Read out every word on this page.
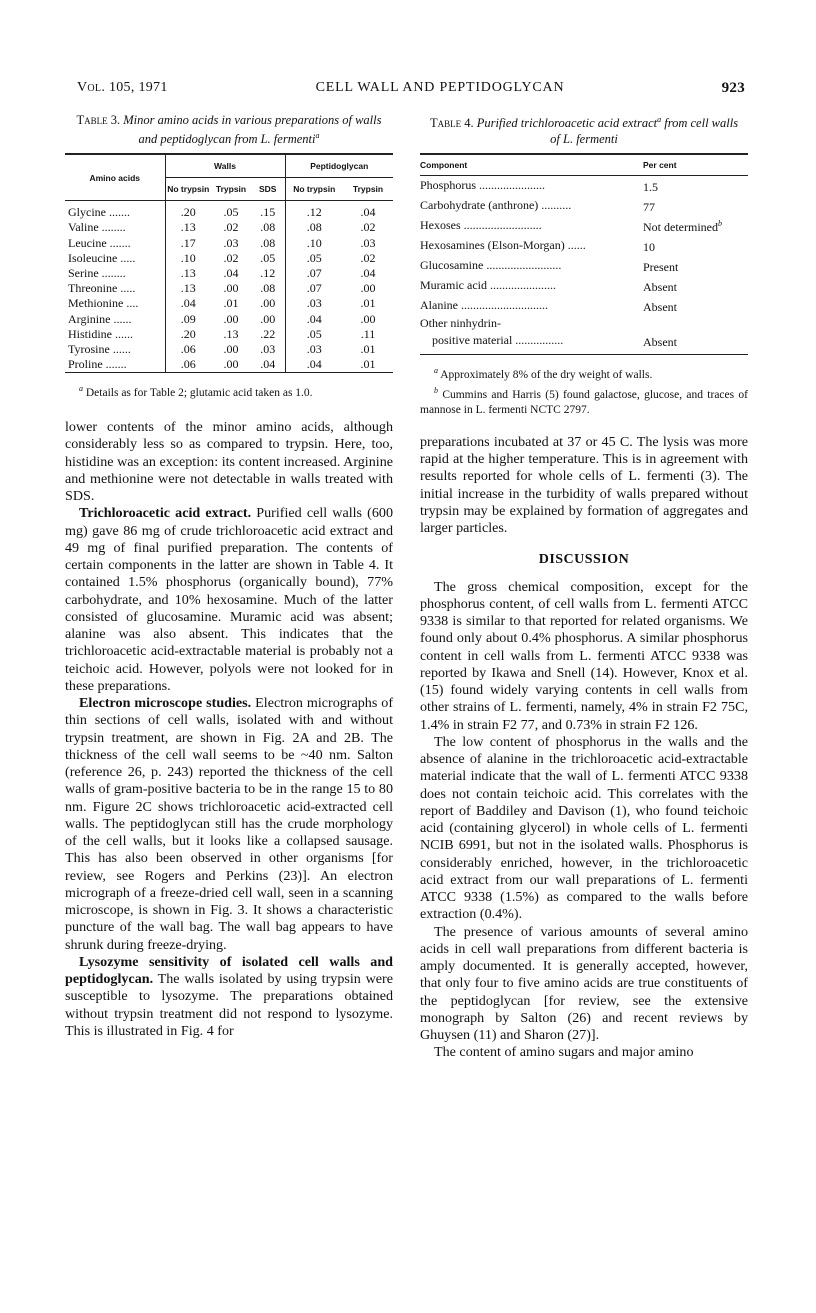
Vol. 105, 1971	CELL WALL AND PEPTIDOGLYCAN	923
Table 3. Minor amino acids in various preparations of walls and peptidoglycan from L. fermenti$^a$
Amino acids	Walls			Peptidoglycan	
	No trypsin	Trypsin	SDS	No trypsin	Trypsin
Glycine .......	.20	.05	.15	.12	.04
Valine ........	.13	.02	.08	.08	.02
Leucine .......	.17	.03	.08	.10	.03
Isoleucine .....	.10	.02	.05	.05	.02
Serine ........	.13	.04	.12	.07	.04
Threonine .....	.13	.00	.08	.07	.00
Methionine ....	.04	.01	.00	.03	.01
Arginine ......	.09	.00	.00	.04	.00
Histidine ......	.20	.13	.22	.05	.11
Tyrosine ......	.06	.00	.03	.03	.01
Proline .......	.06	.00	.04	.04	.01
$^a$ Details as for Table 2; glutamic acid taken as 1.0.

lower contents of the minor amino acids, although considerably less so as compared to trypsin. Here, too, histidine was an exception: its content increased. Arginine and methionine were not detectable in walls treated with SDS.

Trichloroacetic acid extract. Purified cell walls (600 mg) gave 86 mg of crude trichloroacetic acid extract and 49 mg of final purified preparation. The contents of certain components in the latter are shown in Table 4. It contained 1.5% phosphorus (organically bound), 77% carbohydrate, and 10% hexosamine. Much of the latter consisted of glucosamine. Muramic acid was absent; alanine was also absent. This indicates that the trichloroacetic acid-extractable material is probably not a teichoic acid. However, polyols were not looked for in these preparations.

Electron microscope studies. Electron micrographs of thin sections of cell walls, isolated with and without trypsin treatment, are shown in Fig. 2A and 2B. The thickness of the cell wall seems to be ~40 nm. Salton (reference 26, p. 243) reported the thickness of the cell walls of gram-positive bacteria to be in the range 15 to 80 nm. Figure 2C shows trichloroacetic acid-extracted cell walls. The peptidoglycan still has the crude morphology of the cell walls, but it looks like a collapsed sausage. This has also been observed in other organisms [for review, see Rogers and Perkins (23)]. An electron micrograph of a freeze-dried cell wall, seen in a scanning microscope, is shown in Fig. 3. It shows a characteristic puncture of the wall bag. The wall bag appears to have shrunk during freeze-drying.

Lysozyme sensitivity of isolated cell walls and peptidoglycan. The walls isolated by using trypsin were susceptible to lysozyme. The preparations obtained without trypsin treatment did not respond to lysozyme. This is illustrated in Fig. 4 for

Table 4. Purified trichloroacetic acid extract$^a$ from cell walls of L. fermenti
Component	Per cent
Phosphorus ......................	1.5
Carbohydrate (anthrone) ..........	77
Hexoses ..........................	Not determined$^b$
Hexosamines (Elson-Morgan) ......	10
Glucosamine .........................	Present
Muramic acid ......................	Absent
Alanine .............................	Absent
Other ninhydrin-	
positive material ................	Absent
$^a$ Approximately 8% of the dry weight of walls.
$^b$ Cummins and Harris (5) found galactose, glucose, and traces of mannose in L. fermenti NCTC 2797.

preparations incubated at 37 or 45 C. The lysis was more rapid at the higher temperature. This is in agreement with results reported for whole cells of L. fermenti (3). The initial increase in the turbidity of walls prepared without trypsin may be explained by formation of aggregates and larger particles.

DISCUSSION

The gross chemical composition, except for the phosphorus content, of cell walls from L. fermenti ATCC 9338 is similar to that reported for related organisms. We found only about 0.4% phosphorus. A similar phosphorus content in cell walls from L. fermenti ATCC 9338 was reported by Ikawa and Snell (14). However, Knox et al. (15) found widely varying contents in cell walls from other strains of L. fermenti, namely, 4% in strain F2 75C, 1.4% in strain F2 77, and 0.73% in strain F2 126.

The low content of phosphorus in the walls and the absence of alanine in the trichloroacetic acid-extractable material indicate that the wall of L. fermenti ATCC 9338 does not contain teichoic acid. This correlates with the report of Baddiley and Davison (1), who found teichoic acid (containing glycerol) in whole cells of L. fermenti NCIB 6991, but not in the isolated walls. Phosphorus is considerably enriched, however, in the trichloroacetic acid extract from our wall preparations of L. fermenti ATCC 9338 (1.5%) as compared to the walls before extraction (0.4%).

The presence of various amounts of several amino acids in cell wall preparations from different bacteria is amply documented. It is generally accepted, however, that only four to five amino acids are true constituents of the peptidoglycan [for review, see the extensive monograph by Salton (26) and recent reviews by Ghuysen (11) and Sharon (27)].

The content of amino sugars and major amino
